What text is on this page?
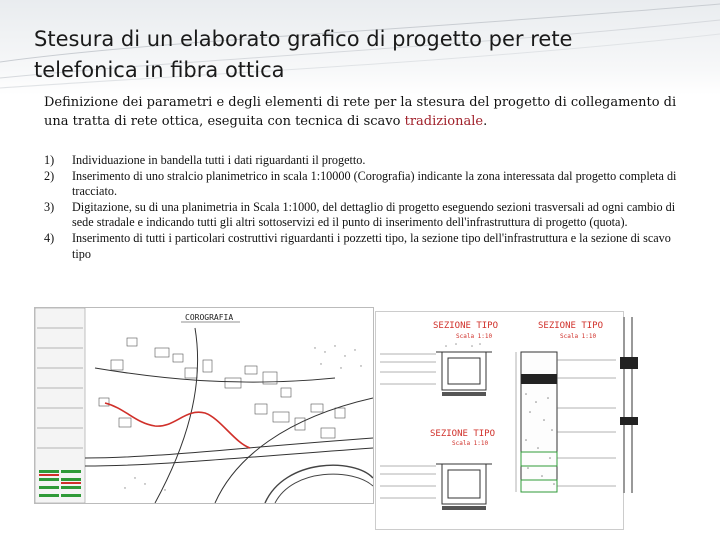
Stesura di un elaborato grafico di progetto per rete telefonica in fibra ottica
Definizione dei parametri e degli elementi di rete per la stesura del progetto di collegamento di una tratta di rete ottica, eseguita con tecnica di scavo tradizionale.
1)	Individuazione in bandella tutti i dati riguardanti il progetto.
2)	Inserimento di uno stralcio planimetrico in scala 1:10000 (Corografia) indicante la zona interessata dal progetto completa di tracciato.
3)	Digitazione, su di una planimetria in Scala 1:1000, del dettaglio di progetto eseguendo sezioni trasversali ad ogni cambio di sede stradale e indicando tutti gli altri sottoservizi ed il punto di inserimento dell'infrastruttura di progetto (quota).
4)	Inserimento di tutti i particolari costruttivi riguardanti i pozzetti tipo, la sezione tipo dell'infrastruttura e la sezione di scavo tipo
COROGRAFIA
SEZIONE TIPO
Scala 1:10
SEZIONE TIPO
Scala 1:10
SEZIONE TIPO
Scala 1:10
